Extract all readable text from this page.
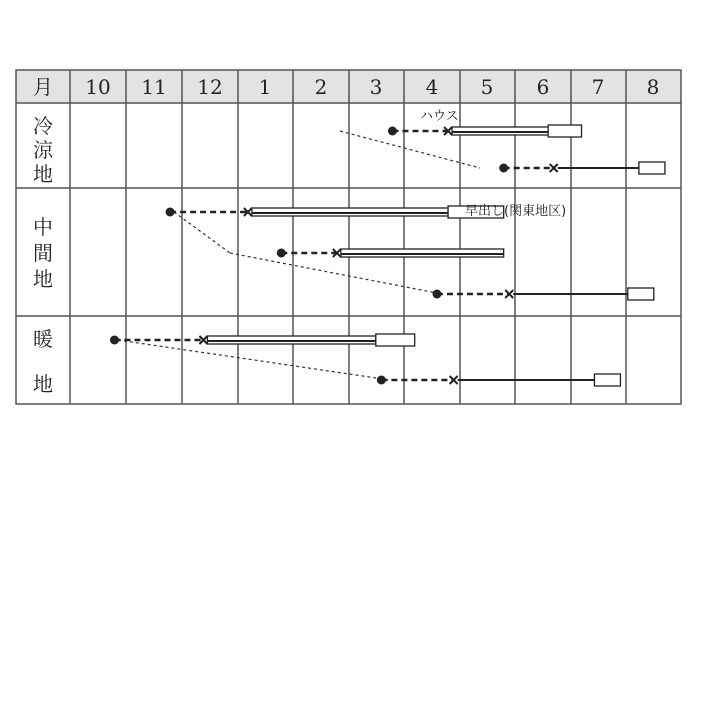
月 10 11 12 1 2 3 4 5 6 7 8
冷
涼
地
中
間
地
暖
地
ハウス
早出し(関東地区)
